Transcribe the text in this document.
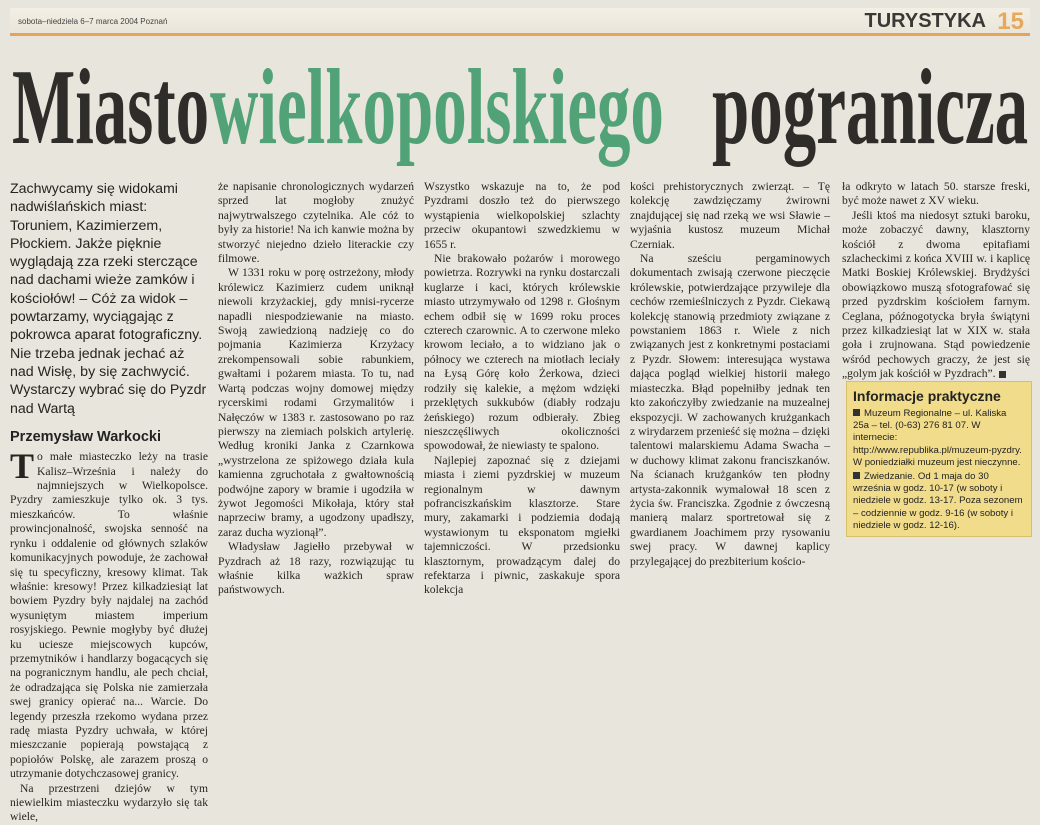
sobota–niedziela 6–7 marca 2004 Poznań	TURYSTYKA 15
Miasto wielkopolskiego pogranicza

Zachwycamy się widokami nadwiślańskich miast: Toruniem, Kazimierzem, Płockiem. Jakże pięknie wyglądają zza rzeki sterczące nad dachami wieże zamków i kościołów! – Cóż za widok – powtarzamy, wyciągając z pokrowca aparat fotograficzny. Nie trzeba jednak jechać aż nad Wisłę, by się zachwycić. Wystarczy wybrać się do Pyzdr nad Wartą

Przemysław Warkocki

To małe miasteczko leży na trasie Kalisz–Września i należy do najmniejszych w Wielkopolsce. Pyzdry zamieszkuje tylko ok. 3 tys. mieszkańców. To właśnie prowincjonalność, swojska senność na rynku i oddalenie od głównych szlaków komunikacyjnych powoduje, że zachował się tu specyficzny, kresowy klimat. Tak właśnie: kresowy! Przez kilkadziesiąt lat bowiem Pyzdry były najdalej na zachód wysuniętym miastem imperium rosyjskiego. Pewnie mogłyby być dłużej ku uciesze miejscowych kupców, przemytników i handlarzy bogacących się na pogranicznym handlu, ale pech chciał, że odradzająca się Polska nie zamierzała swej granicy opierać na... Warcie. Do legendy przeszła rzekomo wydana przez radę miasta Pyzdry uchwała, w której mieszczanie popierają powstającą z popiołów Polskę, ale zarazem proszą o utrzymanie dotychczasowej granicy.

Na przestrzeni dziejów w tym niewielkim miasteczku wydarzyło się tak wiele,

że napisanie chronologicznych wydarzeń sprzed lat mogłoby znużyć najwytrwalszego czytelnika. Ale cóż to były za historie! Na ich kanwie można by stworzyć niejedno dzieło literackie czy filmowe.

W 1331 roku w porę ostrzeżony, młody królewicz Kazimierz cudem uniknął niewoli krzyżackiej, gdy mnisi-rycerze napadli niespodziewanie na miasto. Swoją zawiedzioną nadzieję co do pojmania Kazimierza Krzyżacy zrekompensowali sobie rabunkiem, gwałtami i pożarem miasta. To tu, nad Wartą podczas wojny domowej między rycerskimi rodami Grzymalitów i Nałęczów w 1383 r. zastosowano po raz pierwszy na ziemiach polskich artylerię. Według kroniki Janka z Czarnkowa „wystrzelona ze spiżowego działa kula kamienna zgruchotała z gwałtownością podwójne zapory w bramie i ugodziła w żywot Jegomości Mikołaja, który stał naprzeciw bramy, a ugodzony upadłszy, zaraz ducha wyzionął”.

Władysław Jagiełło przebywał w Pyzdrach aż 18 razy, rozwiązując tu właśnie kilka ważkich spraw państwowych.

Wszystko wskazuje na to, że pod Pyzdrami doszło też do pierwszego wystąpienia wielkopolskiej szlachty przeciw okupantowi szwedzkiemu w 1655 r.

Nie brakowało pożarów i morowego powietrza. Rozrywki na rynku dostarczali kuglarze i kaci, których królewskie miasto utrzymywało od 1298 r. Głośnym echem odbił się w 1699 roku proces czterech czarownic. A to czerwone mleko krowom leciało, a to widziano jak o północy we czterech na miotłach leciały na Łysą Górę koło Żerkowa, dzieci rodziły się kalekie, a mężom wdzięki przeklętych sukkubów (diabły rodzaju żeńskiego) rozum odbierały. Zbieg nieszczęśliwych okoliczności spowodował, że niewiasty te spalono.

Najlepiej zapoznać się z dziejami miasta i ziemi pyzdrskiej w muzeum regionalnym w dawnym pofranciszkańskim klasztorze. Stare mury, zakamarki i podziemia dodają wystawionym tu eksponatom mgiełki tajemniczości. W przedsionku klasztornym, prowadzącym dalej do refektarza i piwnic, zaskakuje spora kolekcja

kości prehistorycznych zwierząt. – Tę kolekcję zawdzięczamy żwirowni znajdującej się nad rzeką we wsi Sławie – wyjaśnia kustosz muzeum Michał Czerniak.

Na sześciu pergaminowych dokumentach zwisają czerwone pieczęcie królewskie, potwierdzające przywileje dla cechów rzemieślniczych z Pyzdr. Ciekawą kolekcję stanowią przedmioty związane z powstaniem 1863 r. Wiele z nich związanych jest z konkretnymi postaciami z Pyzdr. Słowem: interesująca wystawa dająca pogląd wielkiej historii małego miasteczka. Błąd popełniłby jednak ten kto zakończyłby zwiedzanie na muzealnej ekspozycji. W zachowanych krużgankach z wirydarzem przenieść się można – dzięki talentowi malarskiemu Adama Swacha – w duchowy klimat zakonu franciszkanów. Na ścianach krużganków ten płodny artysta-zakonnik wymalował 18 scen z życia św. Franciszka. Zgodnie z ówczesną manierą malarz sportretował się z gwardianem Joachimem przy rysowaniu swej pracy. W dawnej kaplicy przylegającej do prezbiterium kościo-

ła odkryto w latach 50. starsze freski, być może nawet z XV wieku.

Jeśli ktoś ma niedosyt sztuki baroku, może zobaczyć dawny, klasztorny kościół z dwoma epitafiami szlacheckimi z końca XVIII w. i kaplicę Matki Boskiej Królewskiej. Brydżyści obowiązkowo muszą sfotografować się przed pyzdrskim kościołem farnym. Ceglana, późnogotycka bryła świątyni przez kilkadziesiąt lat w XIX w. stała goła i zrujnowana. Stąd powiedzenie wśród pechowych graczy, że jest się „golym jak kościół w Pyzdrach”.

Informacje praktyczne
Muzeum Regionalne – ul. Kaliska 25a – tel. (0-63) 276 81 07. W internecie: http://www.republika.pl/muzeum-pyzdry. W poniedziałki muzeum jest nieczynne.
Zwiedzanie. Od 1 maja do 30 września w godz. 10-17 (w soboty i niedziele w godz. 13-17. Poza sezonem – codziennie w godz. 9-16 (w soboty i niedziele w godz. 12-16).
